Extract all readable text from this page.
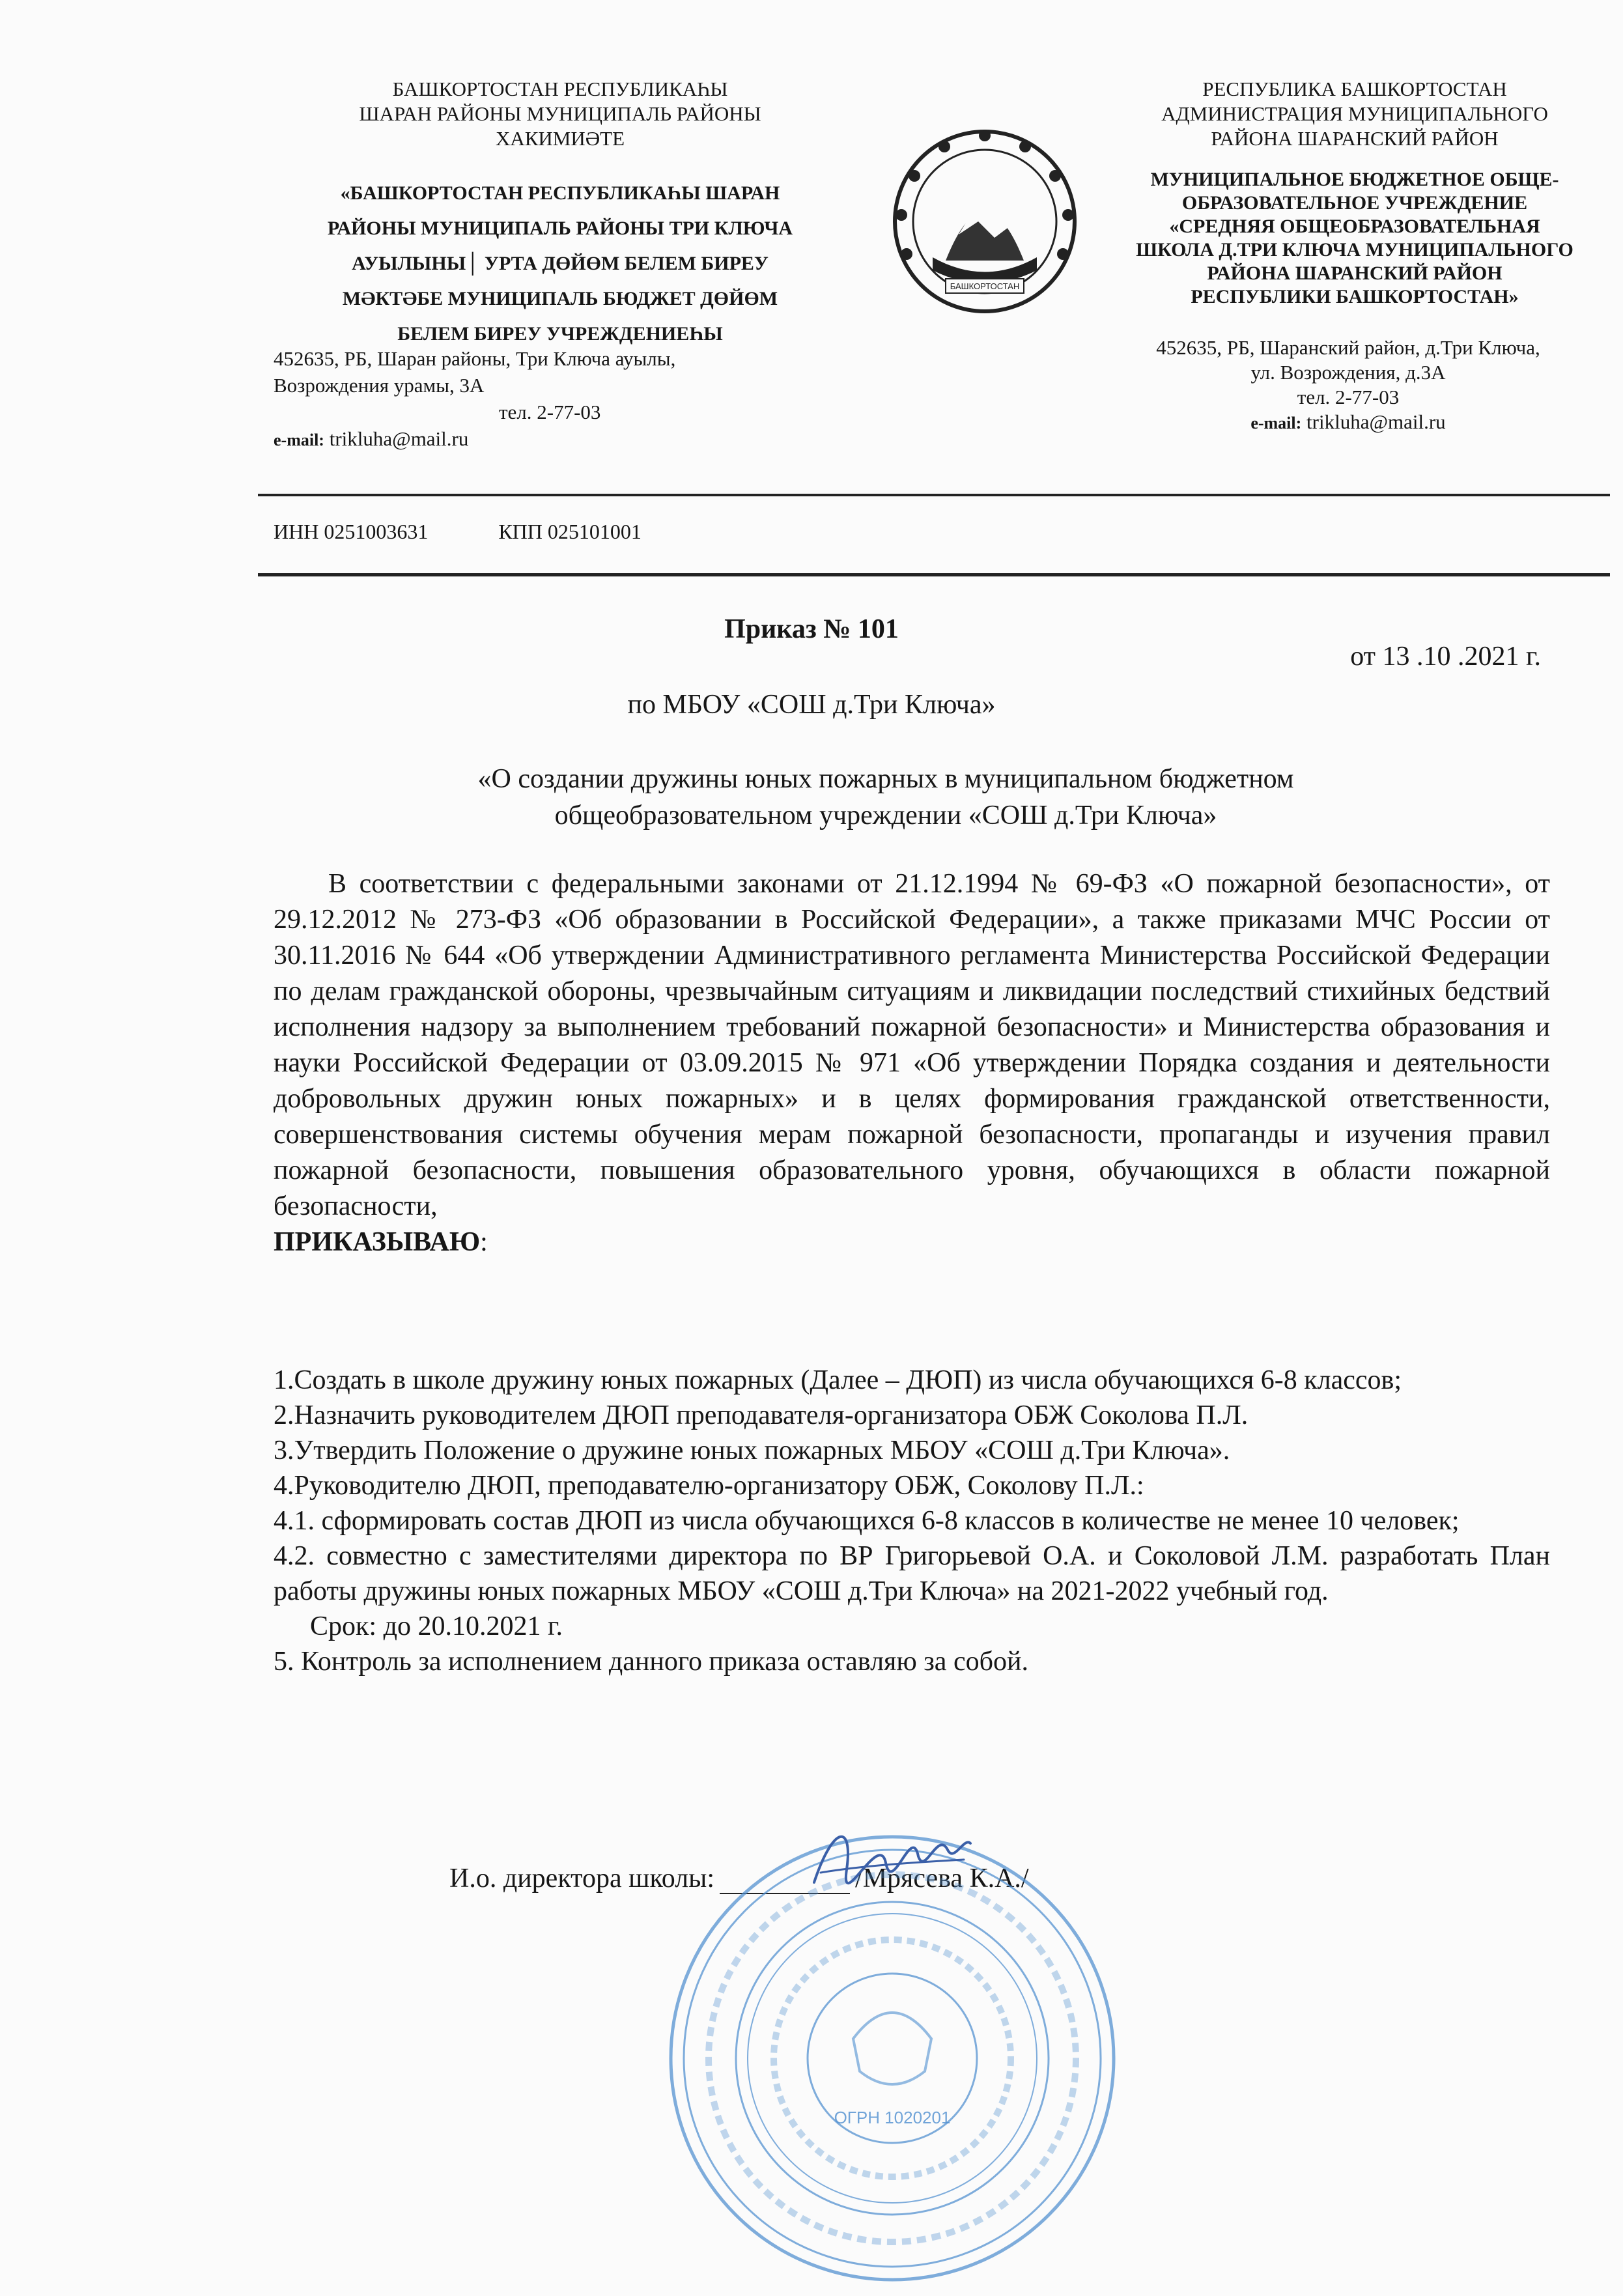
БАШКОРТОСТАН
БАШКОРТОСТАН РЕСПУБЛИКАҺЫ
ШАРАН РАЙОНЫ МУНИЦИПАЛЬ РАЙОНЫ
ХАКИМИӘТЕ
«БАШКОРТОСТАН РЕСПУБЛИКАҺЫ ШАРАН
РАЙОНЫ МУНИЦИПАЛЬ РАЙОНЫ ТРИ КЛЮЧА
АУЫЛЫНЫ│ УРТА ДӨЙӨМ БЕЛЕМ БИРЕУ
МӘКТӘБЕ МУНИЦИПАЛЬ БЮДЖЕТ ДӨЙӨМ
БЕЛЕМ БИРЕУ УЧРЕЖДЕНИЕҺЫ
452635, РБ, Шаран районы, Три Ключа ауылы,
Возрождения урамы, 3А
тел. 2-77-03
e-mail: trikluha@mail.ru
РЕСПУБЛИКА БАШКОРТОСТАН
АДМИНИСТРАЦИЯ МУНИЦИПАЛЬНОГО
РАЙОНА ШАРАНСКИЙ РАЙОН
МУНИЦИПАЛЬНОЕ БЮДЖЕТНОЕ ОБЩЕ-
ОБРАЗОВАТЕЛЬНОЕ УЧРЕЖДЕНИЕ
«СРЕДНЯЯ ОБЩЕОБРАЗОВАТЕЛЬНАЯ
ШКОЛА Д.ТРИ КЛЮЧА МУНИЦИПАЛЬНОГО
РАЙОНА ШАРАНСКИЙ РАЙОН
РЕСПУБЛИКИ БАШКОРТОСТАН»
452635, РБ, Шаранский район, д.Три Ключа,
ул. Возрождения, д.3А
тел. 2-77-03
e-mail: trikluha@mail.ru
ИНН 0251003631	КПП 025101001
Приказ № 101
от 13 .10 .2021 г.
по МБОУ «СОШ д.Три Ключа»
«О создании дружины юных пожарных в муниципальном бюджетном
общеобразовательном учреждении «СОШ д.Три Ключа»

В соответствии с федеральными законами от 21.12.1994 № 69-ФЗ «О пожарной безопасности», от 29.12.2012 № 273-ФЗ «Об образовании в Российской Федерации», а также приказами МЧС России от 30.11.2016 № 644 «Об утверждении Административного регламента Министерства Российской Федерации по делам гражданской обороны, чрезвычайным ситуациям и ликвидации последствий стихийных бедствий исполнения надзору за выполнением требований пожарной безопасности» и Министерства образования и науки Российской Федерации от 03.09.2015 № 971 «Об утверждении Порядка создания и деятельности добровольных дружин юных пожарных» и в целях формирования гражданской ответственности, совершенствования системы обучения мерам пожарной безопасности, пропаганды и изучения правил пожарной безопасности, повышения образовательного уровня, обучающихся в области пожарной безопасности,

ПРИКАЗЫВАЮ:
1.Создать в школе дружину юных пожарных (Далее – ДЮП) из числа обучающихся 6-8 классов;
2.Назначить руководителем ДЮП преподавателя-организатора ОБЖ Соколова П.Л.
3.Утвердить Положение о дружине юных пожарных МБОУ «СОШ д.Три Ключа».
4.Руководителю ДЮП, преподавателю-организатору ОБЖ, Соколову П.Л.:
4.1. сформировать состав ДЮП из числа обучающихся 6-8 классов в количестве не менее 10 человек;
4.2. совместно с заместителями директора по ВР Григорьевой О.А. и Соколовой Л.М. разработать План работы дружины юных пожарных МБОУ «СОШ д.Три Ключа» на 2021-2022 учебный год.
Срок: до 20.10.2021 г.
5. Контроль за исполнением данного приказа оставляю за собой.
И.о. директора школы:	/Мрясева К.А./
ОГРН 1020201
